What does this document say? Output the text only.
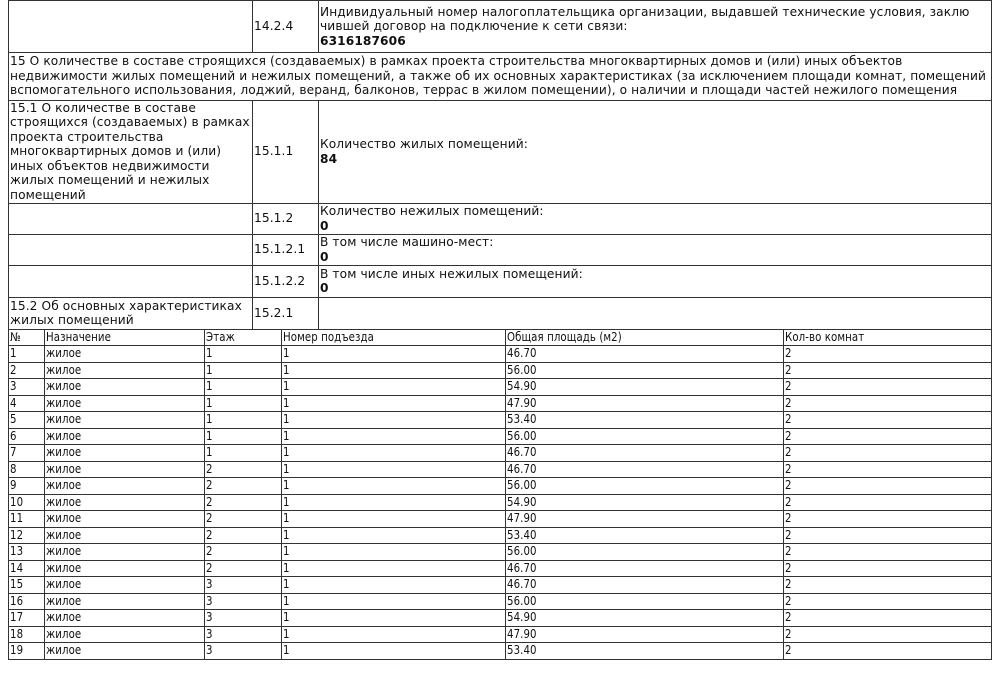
	14.2.4	Индивидуальный номер налогоплательщика организации, выдавшей технические условия, заклю чившей договор на подключение к сети связи:
6316187606

15 О количестве в составе строящихся (создаваемых) в рамках проекта строительства многоквартирных домов и (или) иных объектов недвижимости жилых помещений и нежилых помещений, а также об их основных характеристиках (за исключением площади комнат, помещений вспомогательного использования, лоджий, веранд, балконов, террас в жилом помещении), о наличии и площади частей нежилого помещения		
15.1 О количестве в составе строящихся (создаваемых) в рамках проекта строительства многоквартирных домов и (или) иных объектов недвижимости жилых помещений и нежилых помещений	15.1.1	Количество жилых помещений:
84

	15.1.2	Количество нежилых помещений:
0

	15.1.2.1	В том числе машино-мест:
0

	15.1.2.2	В том числе иных нежилых помещений:
0

15.2 Об основных характеристиках жилых помещений	15.2.1	
№	Назначение	Этаж	Номер подъезда	Общая площадь (м2)	Кол-во комнат
1	жилое	1	1	46.70	2
2	жилое	1	1	56.00	2
3	жилое	1	1	54.90	2
4	жилое	1	1	47.90	2
5	жилое	1	1	53.40	2
6	жилое	1	1	56.00	2
7	жилое	1	1	46.70	2
8	жилое	2	1	46.70	2
9	жилое	2	1	56.00	2
10	жилое	2	1	54.90	2
11	жилое	2	1	47.90	2
12	жилое	2	1	53.40	2
13	жилое	2	1	56.00	2
14	жилое	2	1	46.70	2
15	жилое	3	1	46.70	2
16	жилое	3	1	56.00	2
17	жилое	3	1	54.90	2
18	жилое	3	1	47.90	2
19	жилое	3	1	53.40	2
